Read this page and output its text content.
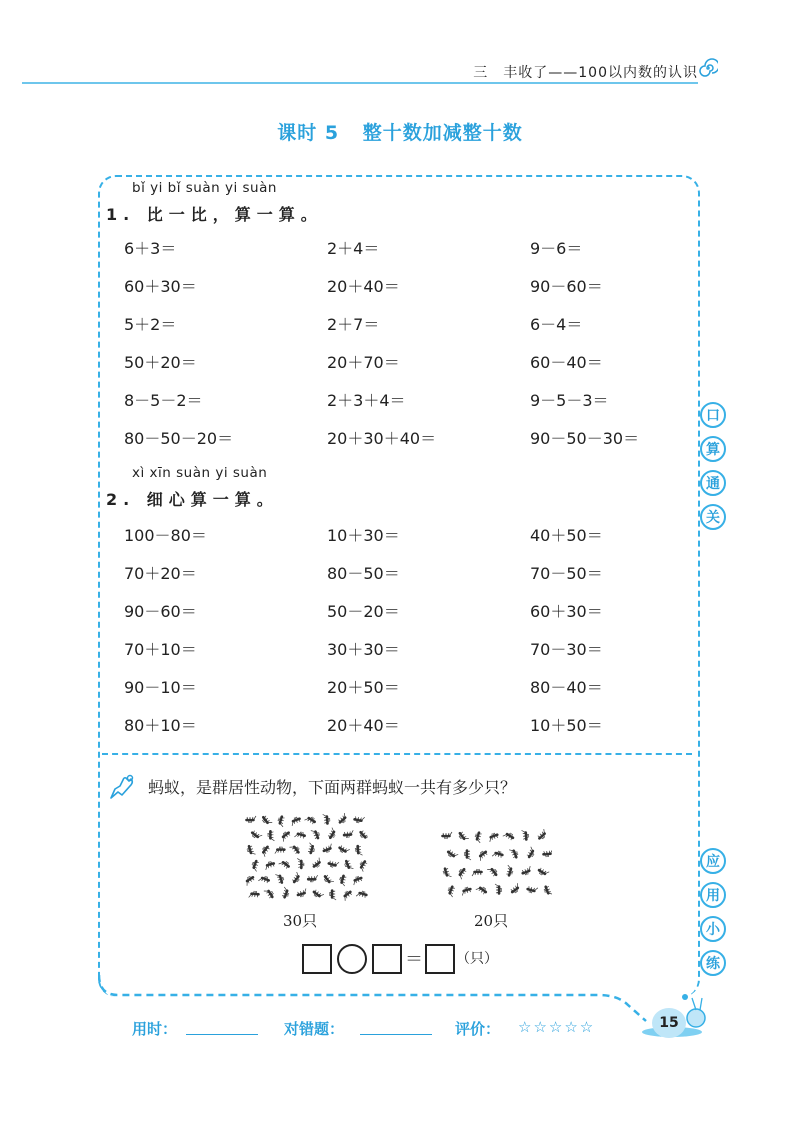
三　丰收了——100以内数的认识
课时 5 整十数加减整十数
bǐ yi bǐ suàn yi suàn
1. 比一比，算一算。
6＋3＝	2＋4＝	9－6＝
60＋30＝	20＋40＝	90－60＝
5＋2＝	2＋7＝	6－4＝
50＋20＝	20＋70＝	60－40＝
8－5－2＝	2＋3＋4＝	9－5－3＝
80－50－20＝	20＋30＋40＝	90－50－30＝
xì xīn suàn yi suàn
2. 细心算一算。
100－80＝	10＋30＝	40＋50＝
70＋20＝	80－50＝	70－50＝
90－60＝	50－20＝	60＋30＝
70＋10＝	30＋30＝	70－30＝
90－10＝	20＋50＝	80－40＝
80＋10＝	20＋40＝	10＋50＝
口
算
通
关
应
用
小
练
蚂蚁，是群居性动物，下面两群蚂蚁一共有多少只？
30只	20只
＝ （只）
用时：	对错题：	评价： ☆☆☆☆☆	15
